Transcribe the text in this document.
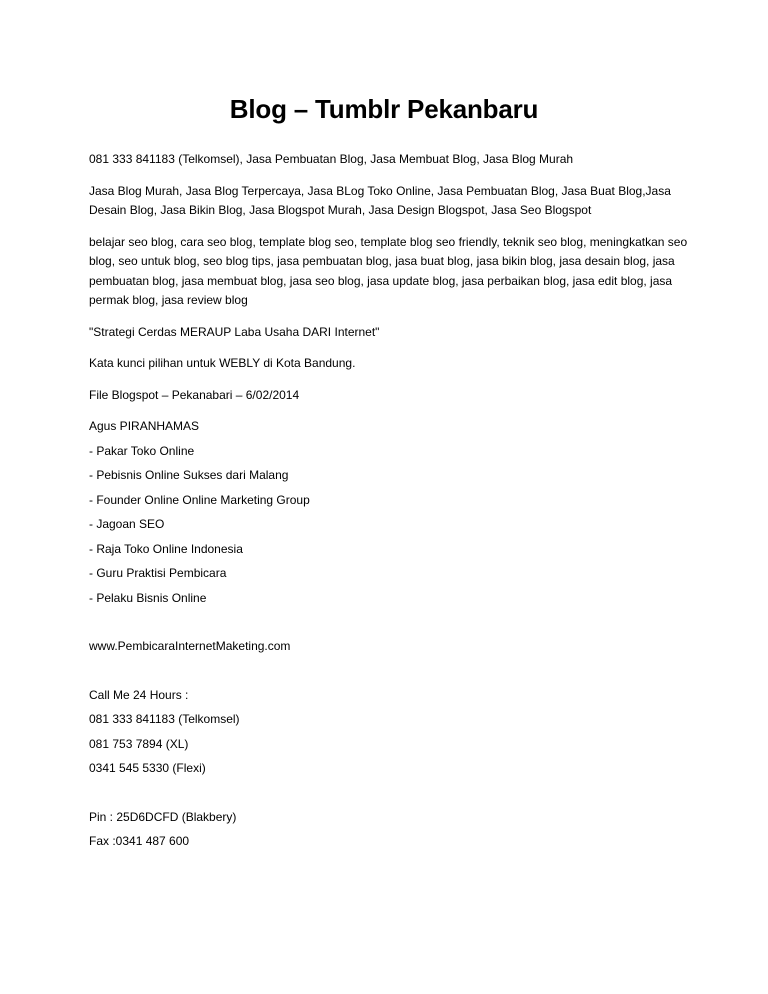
Blog – Tumblr Pekanbaru

081 333 841183 (Telkomsel), Jasa Pembuatan Blog, Jasa Membuat Blog, Jasa Blog Murah

Jasa Blog Murah, Jasa Blog Terpercaya, Jasa BLog Toko Online, Jasa Pembuatan Blog, Jasa Buat Blog,Jasa Desain Blog, Jasa Bikin Blog, Jasa Blogspot Murah, Jasa Design Blogspot, Jasa Seo Blogspot

belajar seo blog, cara seo blog, template blog seo, template blog seo friendly, teknik seo blog, meningkatkan seo blog, seo untuk blog, seo blog tips, jasa pembuatan blog, jasa buat blog, jasa bikin blog, jasa desain blog, jasa pembuatan blog, jasa membuat blog, jasa seo blog, jasa update blog, jasa perbaikan blog, jasa edit blog, jasa permak blog, jasa review blog

"Strategi Cerdas MERAUP Laba Usaha DARI Internet"

Kata kunci pilihan untuk WEBLY di Kota Bandung.

File Blogspot – Pekanabari – 6/02/2014

Agus PIRANHAMAS

- Pakar Toko Online

- Pebisnis Online Sukses dari Malang

- Founder Online Online Marketing Group

- Jagoan SEO

- Raja Toko Online Indonesia

- Guru Praktisi Pembicara

- Pelaku Bisnis Online

www.PembicaraInternetMaketing.com

Call Me 24 Hours :

081 333 841183 (Telkomsel)

081 753 7894 (XL)

0341 545 5330 (Flexi)

Pin : 25D6DCFD (Blakbery)

Fax :0341 487 600
